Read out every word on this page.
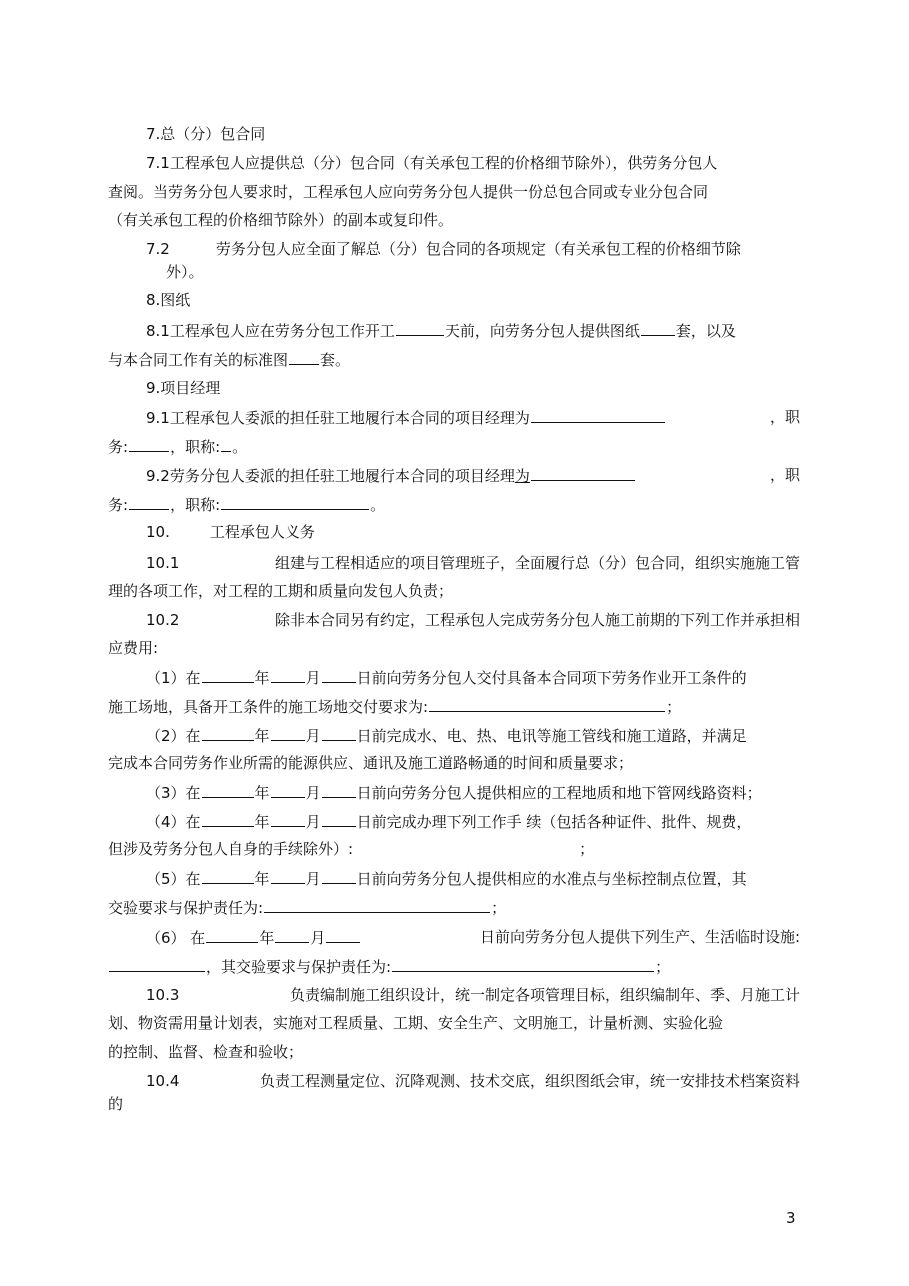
7.总（分）包合同
7.1工程承包人应提供总（分）包合同（有关承包工程的价格细节除外），供劳务分包人
查阅。当劳务分包人要求时，工程承包人应向劳务分包人提供一份总包合同或专业分包合同
（有关承包工程的价格细节除外）的副本或复印件。
7.2	劳务分包人应全面了解总（分）包合同的各项规定（有关承包工程的价格细节除
外）。
8.图纸
8.1工程承包人应在劳务分包工作开工	天前，向劳务分包人提供图纸 套，以及
与本合同工作有关的标准图 套。
9.项目经理
9.1工程承包人委派的担任驻工地履行本合同的项目经理为	，职
务:	，职称: 。
9.2劳务分包人委派的担任驻工地履行本合同的项目经理为	，职
务:	，职称:	。
10.	工程承包人义务
10.1	组建与工程相适应的项目管理班子，全面履行总（分）包合同，组织实施施工管
理的各项工作，对工程的工期和质量向发包人负责；
10.2	除非本合同另有约定，工程承包人完成劳务分包人施工前期的下列工作并承担相
应费用:
（1）在	年 月 日前向劳务分包人交付具备本合同项下劳务作业开工条件的
施工场地，具备开工条件的施工场地交付要求为:	；
（2）在	年 月 日前完成水、电、热、电讯等施工管线和施工道路，并满足
完成本合同劳务作业所需的能源供应、通讯及施工道路畅通的时间和质量要求；
（3）在	年 月 日前向劳务分包人提供相应的工程地质和地下管网线路资料；
（4）在	年 月 日前完成办理下列工作手 续（包括各种证件、批件、规费，
但涉及劳务分包人自身的手续除外）:	；
（5）在	年 月 日前向劳务分包人提供相应的水准点与坐标控制点位置，其
交验要求与保护责任为:	；
（6） 在	年 月	日前向劳务分包人提供下列生产、生活临时设施:
，其交验要求与保护责任为:	；
10.3	负责编制施工组织设计，统一制定各项管理目标，组织编制年、季、月施工计
划、物资需用量计划表，实施对工程质量、工期、安全生产、文明施工，计量析测、实验化验
的控制、监督、检查和验收；
10.4	负责工程测量定位、沉降观测、技术交底，组织图纸会审，统一安排技术档案资料
的
3
